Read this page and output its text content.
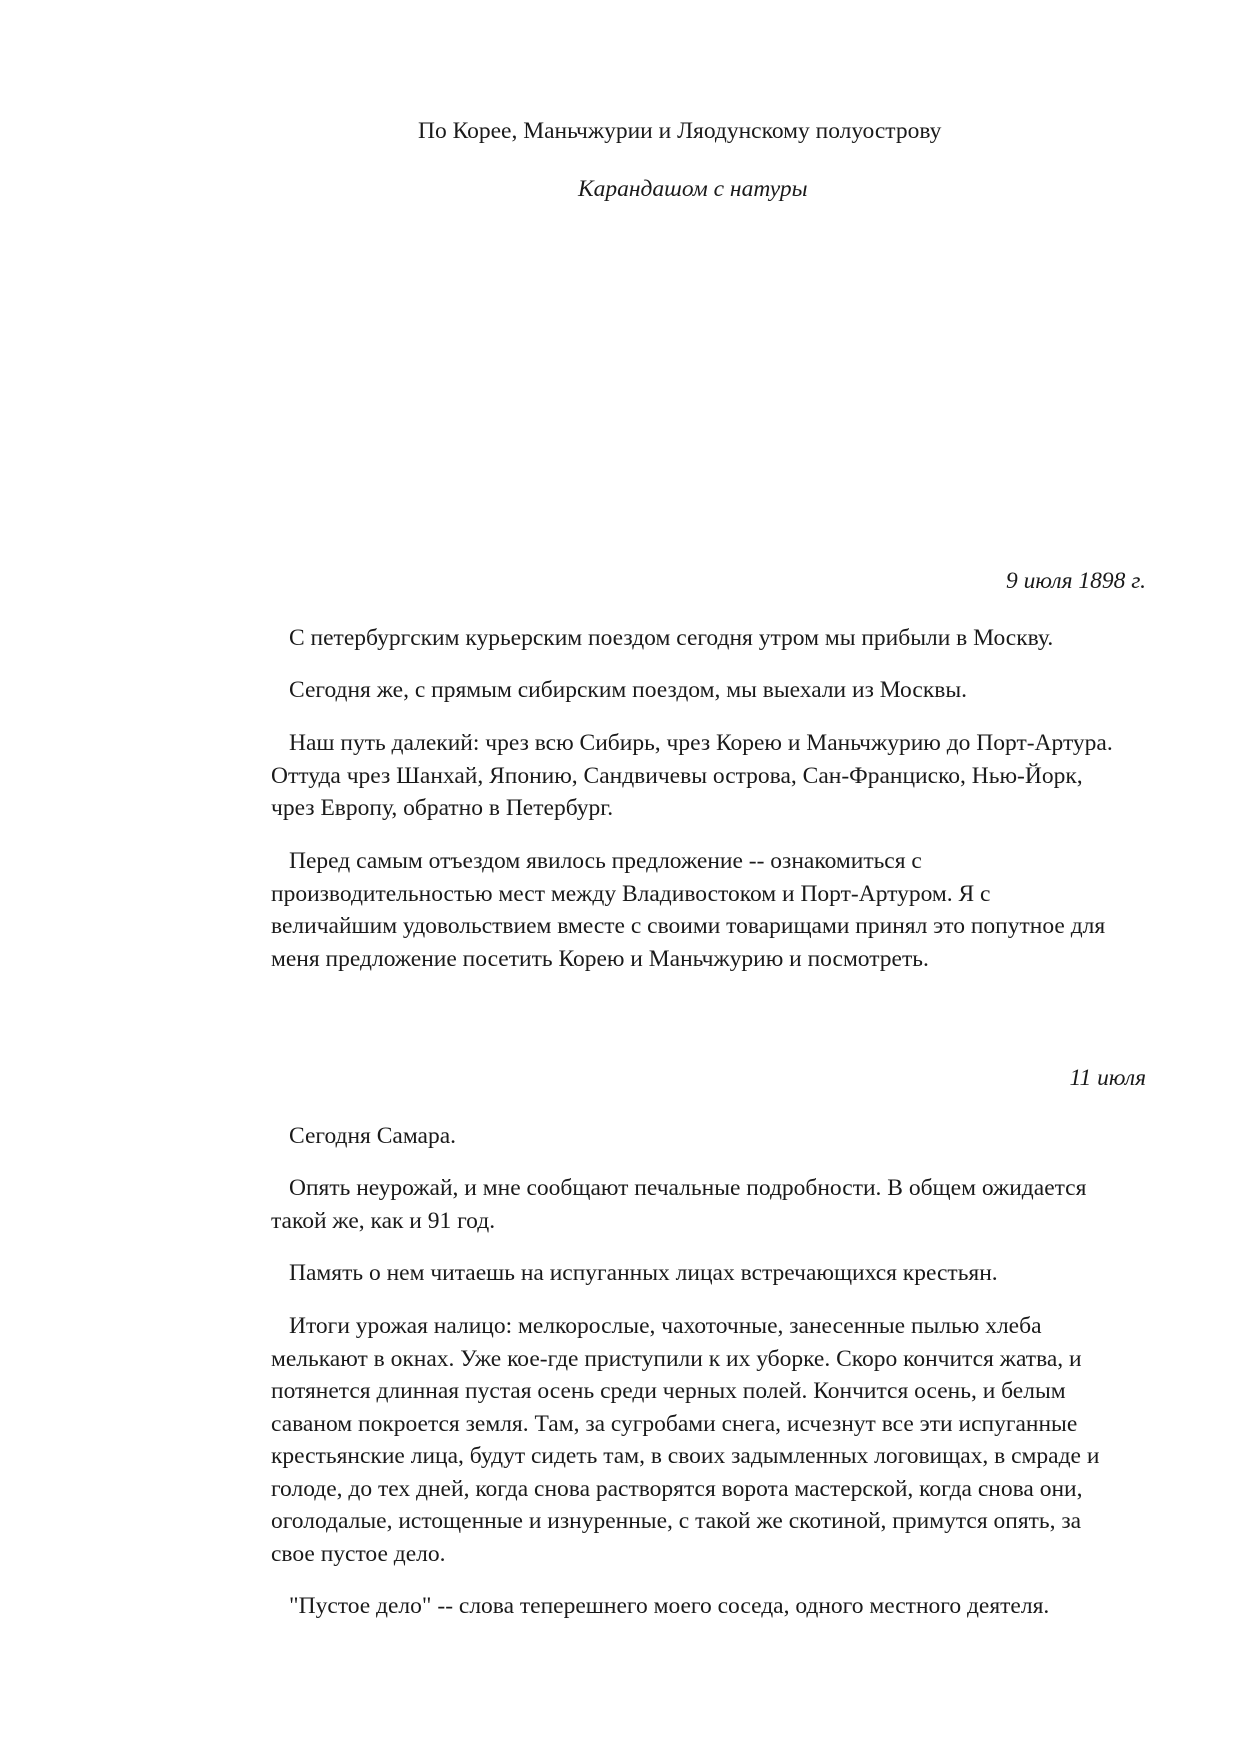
По Корее, Маньчжурии и Ляодунскому полуострову
Карандашом с натуры

9 июля 1898 г.

С петербургским курьерским поездом сегодня утром мы прибыли в Москву.

Сегодня же, с прямым сибирским поездом, мы выехали из Москвы.

Наш путь далекий: чрез всю Сибирь, чрез Корею и Маньчжурию до Порт-Артура.
Оттуда чрез Шанхай, Японию, Сандвичевы острова, Сан-Франциско, Нью-Йорк,
чрез Европу, обратно в Петербург.

Перед самым отъездом явилось предложение -- ознакомиться с
производительностью мест между Владивостоком и Порт-Артуром. Я с
величайшим удовольствием вместе с своими товарищами принял это попутное для
меня предложение посетить Корею и Маньчжурию и посмотреть.

11 июля

Сегодня Самара.

Опять неурожай, и мне сообщают печальные подробности. В общем ожидается
такой же, как и 91 год.

Память о нем читаешь на испуганных лицах встречающихся крестьян.

Итоги урожая налицо: мелкорослые, чахоточные, занесенные пылью хлеба
мелькают в окнах. Уже кое-где приступили к их уборке. Скоро кончится жатва, и
потянется длинная пустая осень среди черных полей. Кончится осень, и белым
саваном покроется земля. Там, за сугробами снега, исчезнут все эти испуганные
крестьянские лица, будут сидеть там, в своих задымленных логовищах, в смраде и
голоде, до тех дней, когда снова растворятся ворота мастерской, когда снова они,
оголодалые, истощенные и изнуренные, с такой же скотиной, примутся опять, за
свое пустое дело.

"Пустое дело" -- слова теперешнего моего соседа, одного местного деятеля.
